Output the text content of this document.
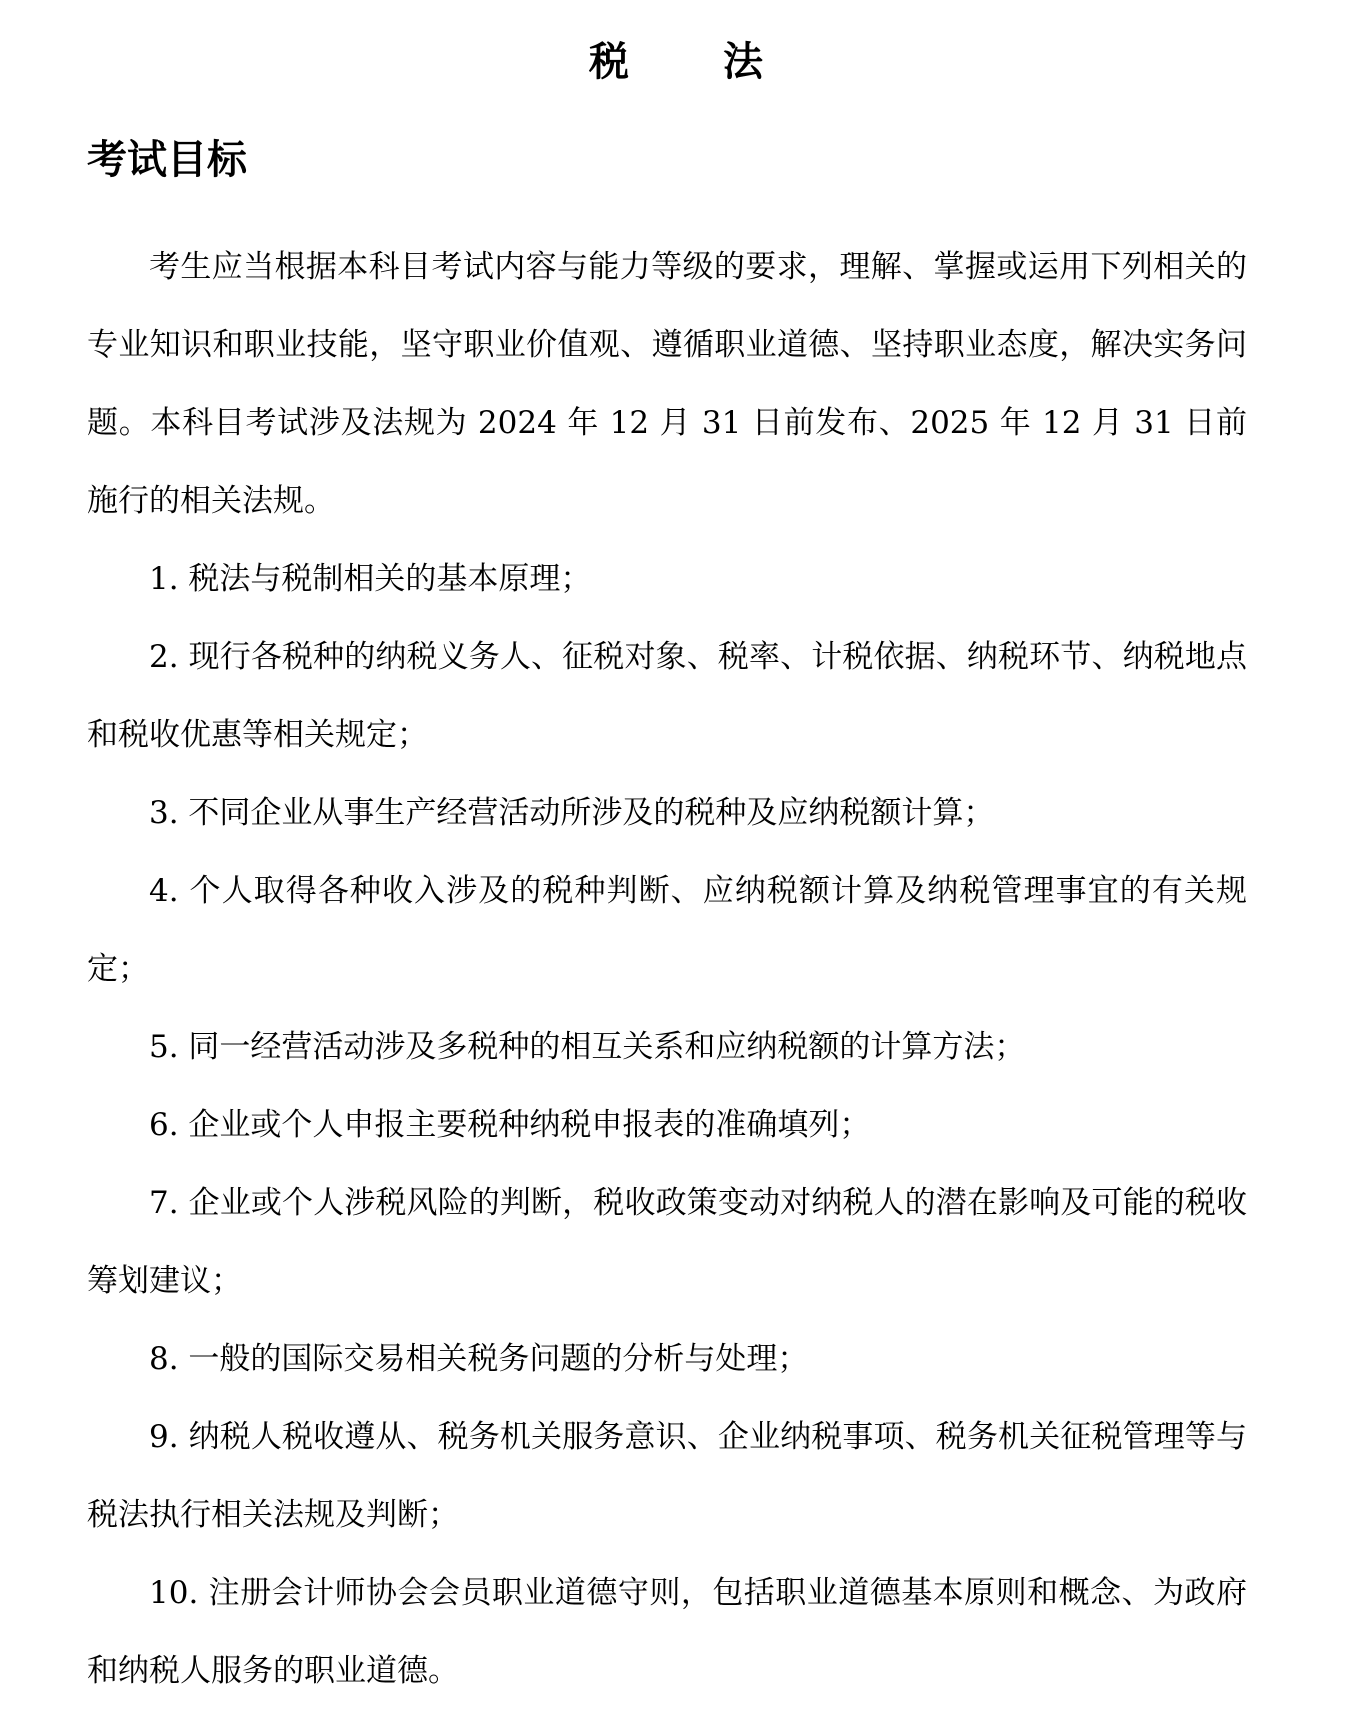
税 法
考试目标

考生应当根据本科目考试内容与能力等级的要求，理解、掌握或运用下列相关的专业知识和职业技能，坚守职业价值观、遵循职业道德、坚持职业态度，解决实务问题。本科目考试涉及法规为 2024 年 12 月 31 日前发布、2025 年 12 月 31 日前施行的相关法规。

1. 税法与税制相关的基本原理；

2. 现行各税种的纳税义务人、征税对象、税率、计税依据、纳税环节、纳税地点和税收优惠等相关规定；

3. 不同企业从事生产经营活动所涉及的税种及应纳税额计算；

4. 个人取得各种收入涉及的税种判断、应纳税额计算及纳税管理事宜的有关规定；

5. 同一经营活动涉及多税种的相互关系和应纳税额的计算方法；

6. 企业或个人申报主要税种纳税申报表的准确填列；

7. 企业或个人涉税风险的判断，税收政策变动对纳税人的潜在影响及可能的税收筹划建议；

8. 一般的国际交易相关税务问题的分析与处理；

9. 纳税人税收遵从、税务机关服务意识、企业纳税事项、税务机关征税管理等与税法执行相关法规及判断；

10. 注册会计师协会会员职业道德守则，包括职业道德基本原则和概念、为政府和纳税人服务的职业道德。
